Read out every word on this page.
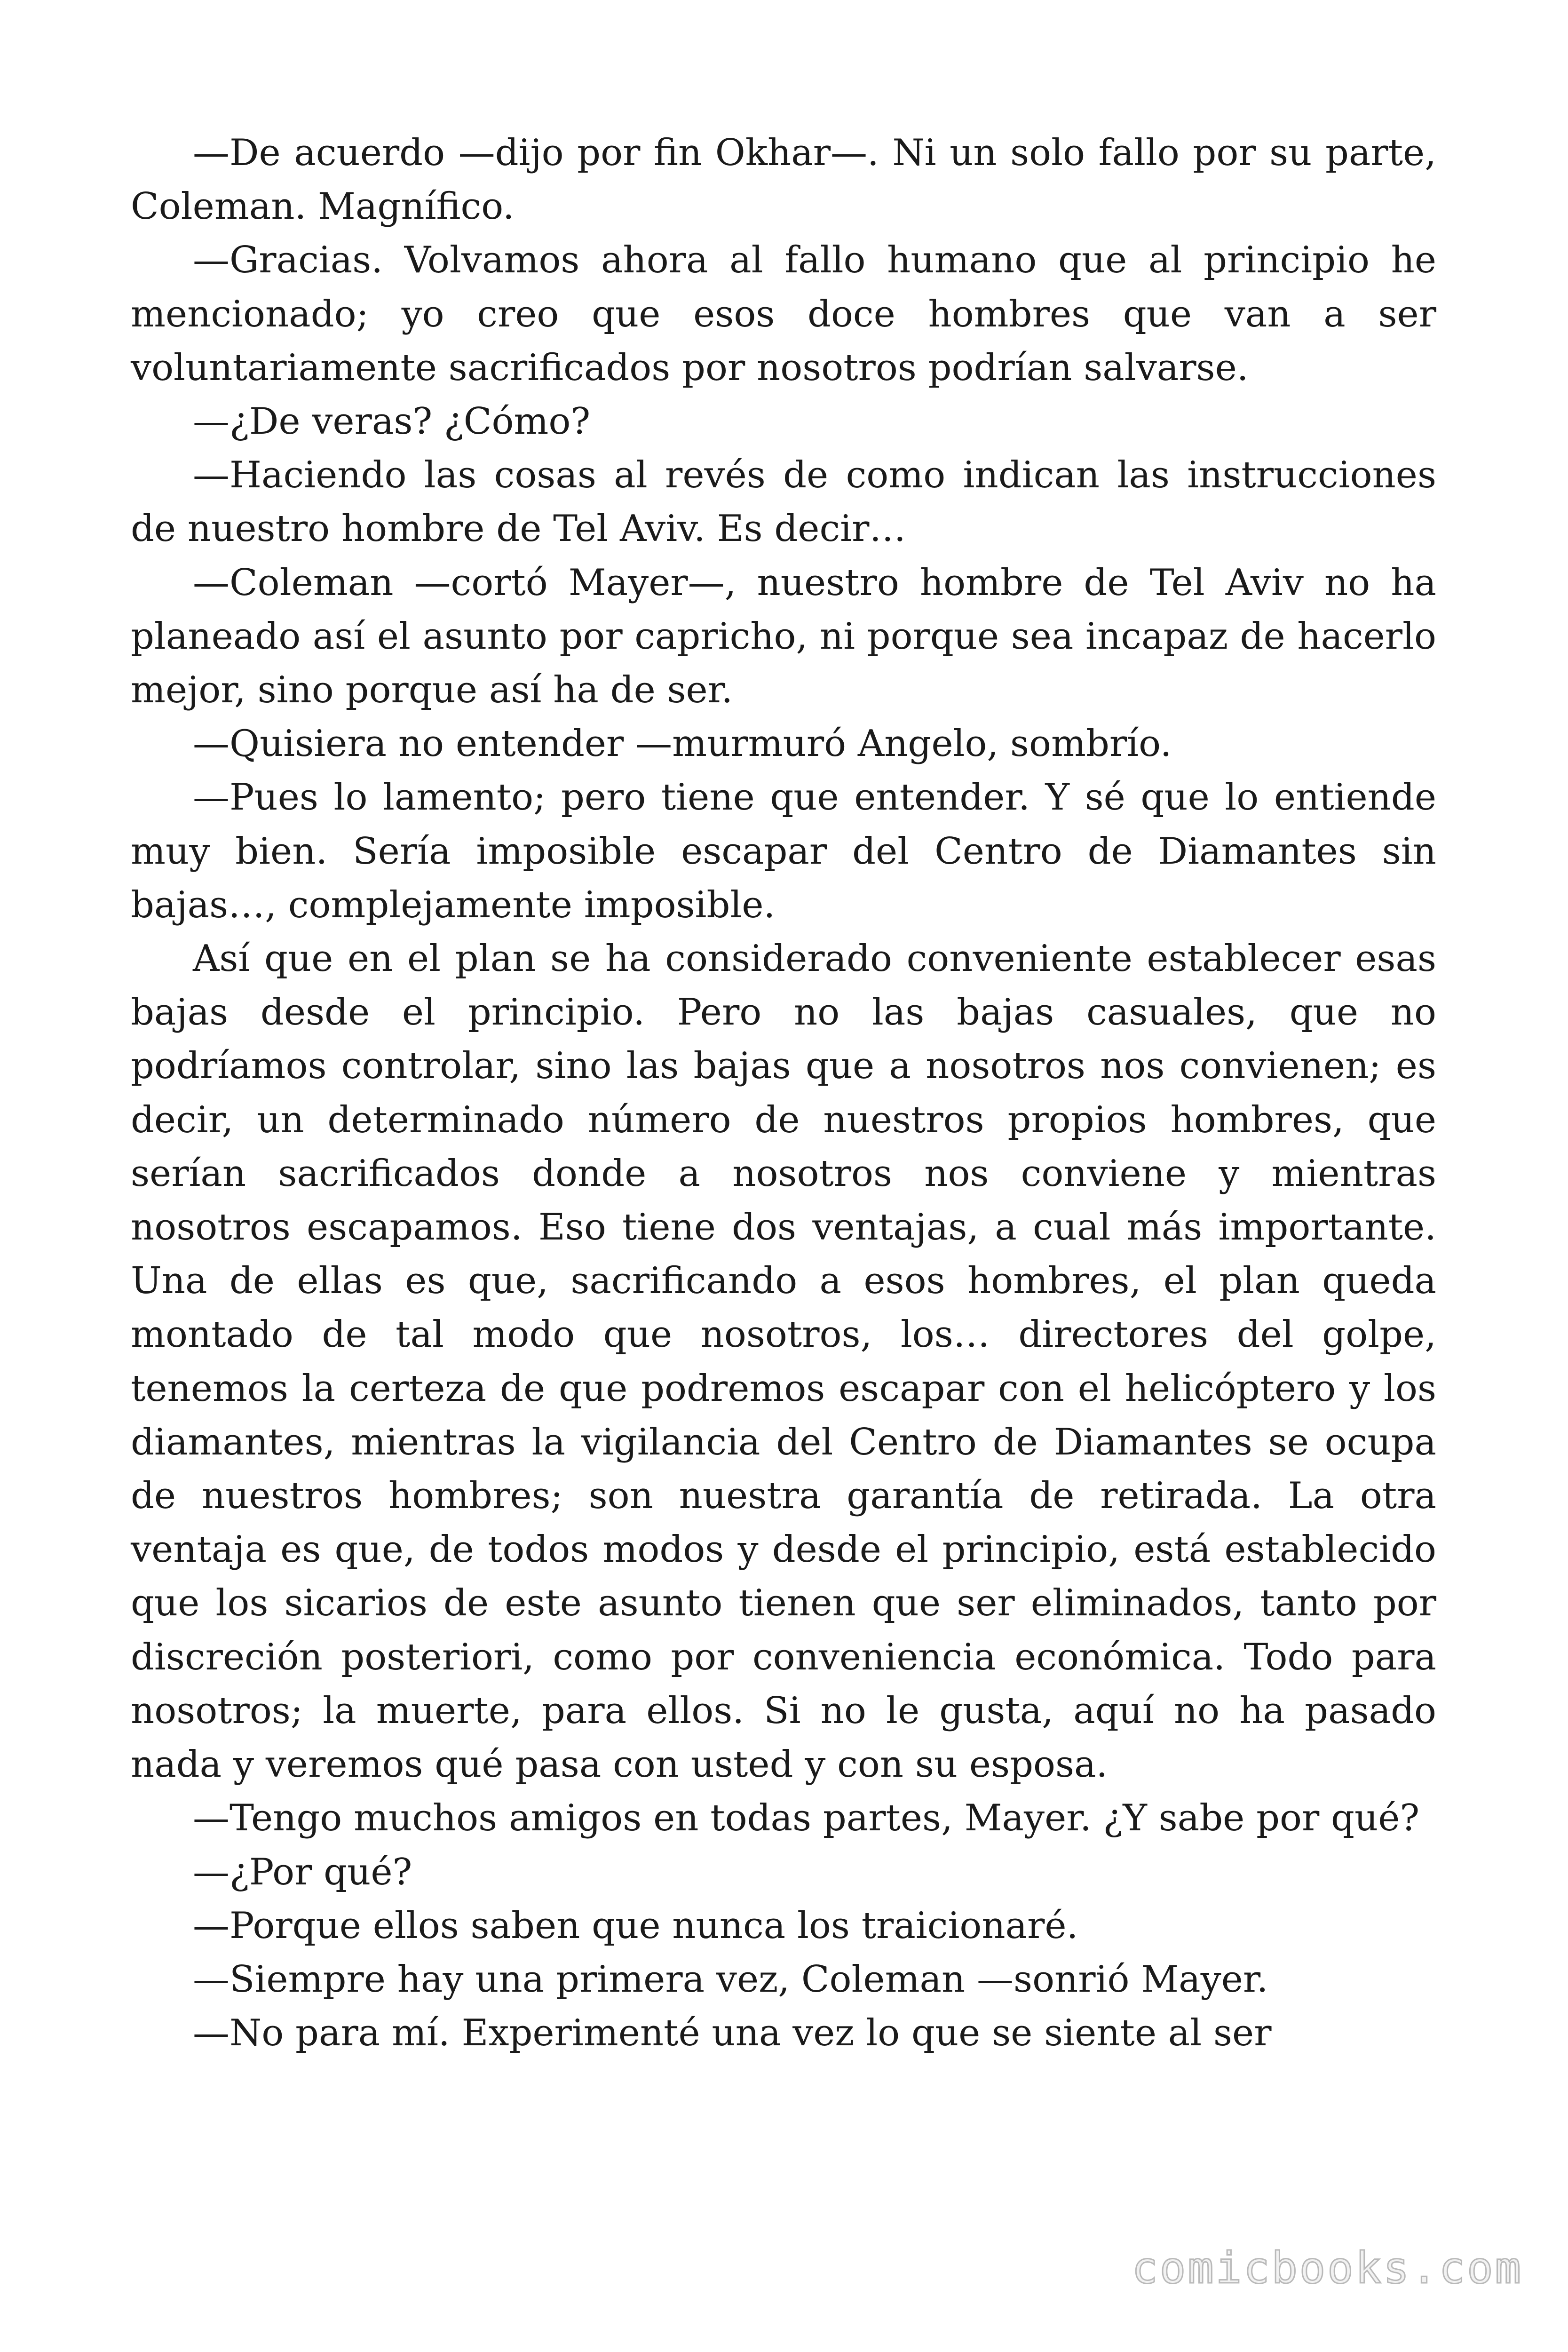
—De acuerdo —dijo por fin Okhar—. Ni un solo fallo por su parte, Coleman. Magnífico.

—Gracias. Volvamos ahora al fallo humano que al principio he mencionado; yo creo que esos doce hombres que van a ser voluntariamente sacrificados por nosotros podrían salvarse.

—¿De veras? ¿Cómo?

—Haciendo las cosas al revés de como indican las instrucciones de nuestro hombre de Tel Aviv. Es decir…

—Coleman —cortó Mayer—, nuestro hombre de Tel Aviv no ha planeado así el asunto por capricho, ni porque sea incapaz de hacerlo mejor, sino porque así ha de ser.

—Quisiera no entender —murmuró Angelo, sombrío.

—Pues lo lamento; pero tiene que entender. Y sé que lo entiende muy bien. Sería imposible escapar del Centro de Diamantes sin bajas…, complejamente imposible.

Así que en el plan se ha considerado conveniente establecer esas bajas desde el principio. Pero no las bajas casuales, que no podríamos controlar, sino las bajas que a nosotros nos convienen; es decir, un determinado número de nuestros propios hombres, que serían sacrificados donde a nosotros nos conviene y mientras nosotros escapamos. Eso tiene dos ventajas, a cual más importante. Una de ellas es que, sacrificando a esos hombres, el plan queda montado de tal modo que nosotros, los… directores del golpe, tenemos la certeza de que podremos escapar con el helicóptero y los diamantes, mientras la vigilancia del Centro de Diamantes se ocupa de nuestros hombres; son nuestra garantía de retirada. La otra ventaja es que, de todos modos y desde el principio, está establecido que los sicarios de este asunto tienen que ser eliminados, tanto por discreción posteriori, como por conveniencia económica. Todo para nosotros; la muerte, para ellos. Si no le gusta, aquí no ha pasado nada y veremos qué pasa con usted y con su esposa.

—Tengo muchos amigos en todas partes, Mayer. ¿Y sabe por qué?

—¿Por qué?

—Porque ellos saben que nunca los traicionaré.

—Siempre hay una primera vez, Coleman —sonrió Mayer.

—No para mí. Experimenté una vez lo que se siente al ser

comicbooks.com
